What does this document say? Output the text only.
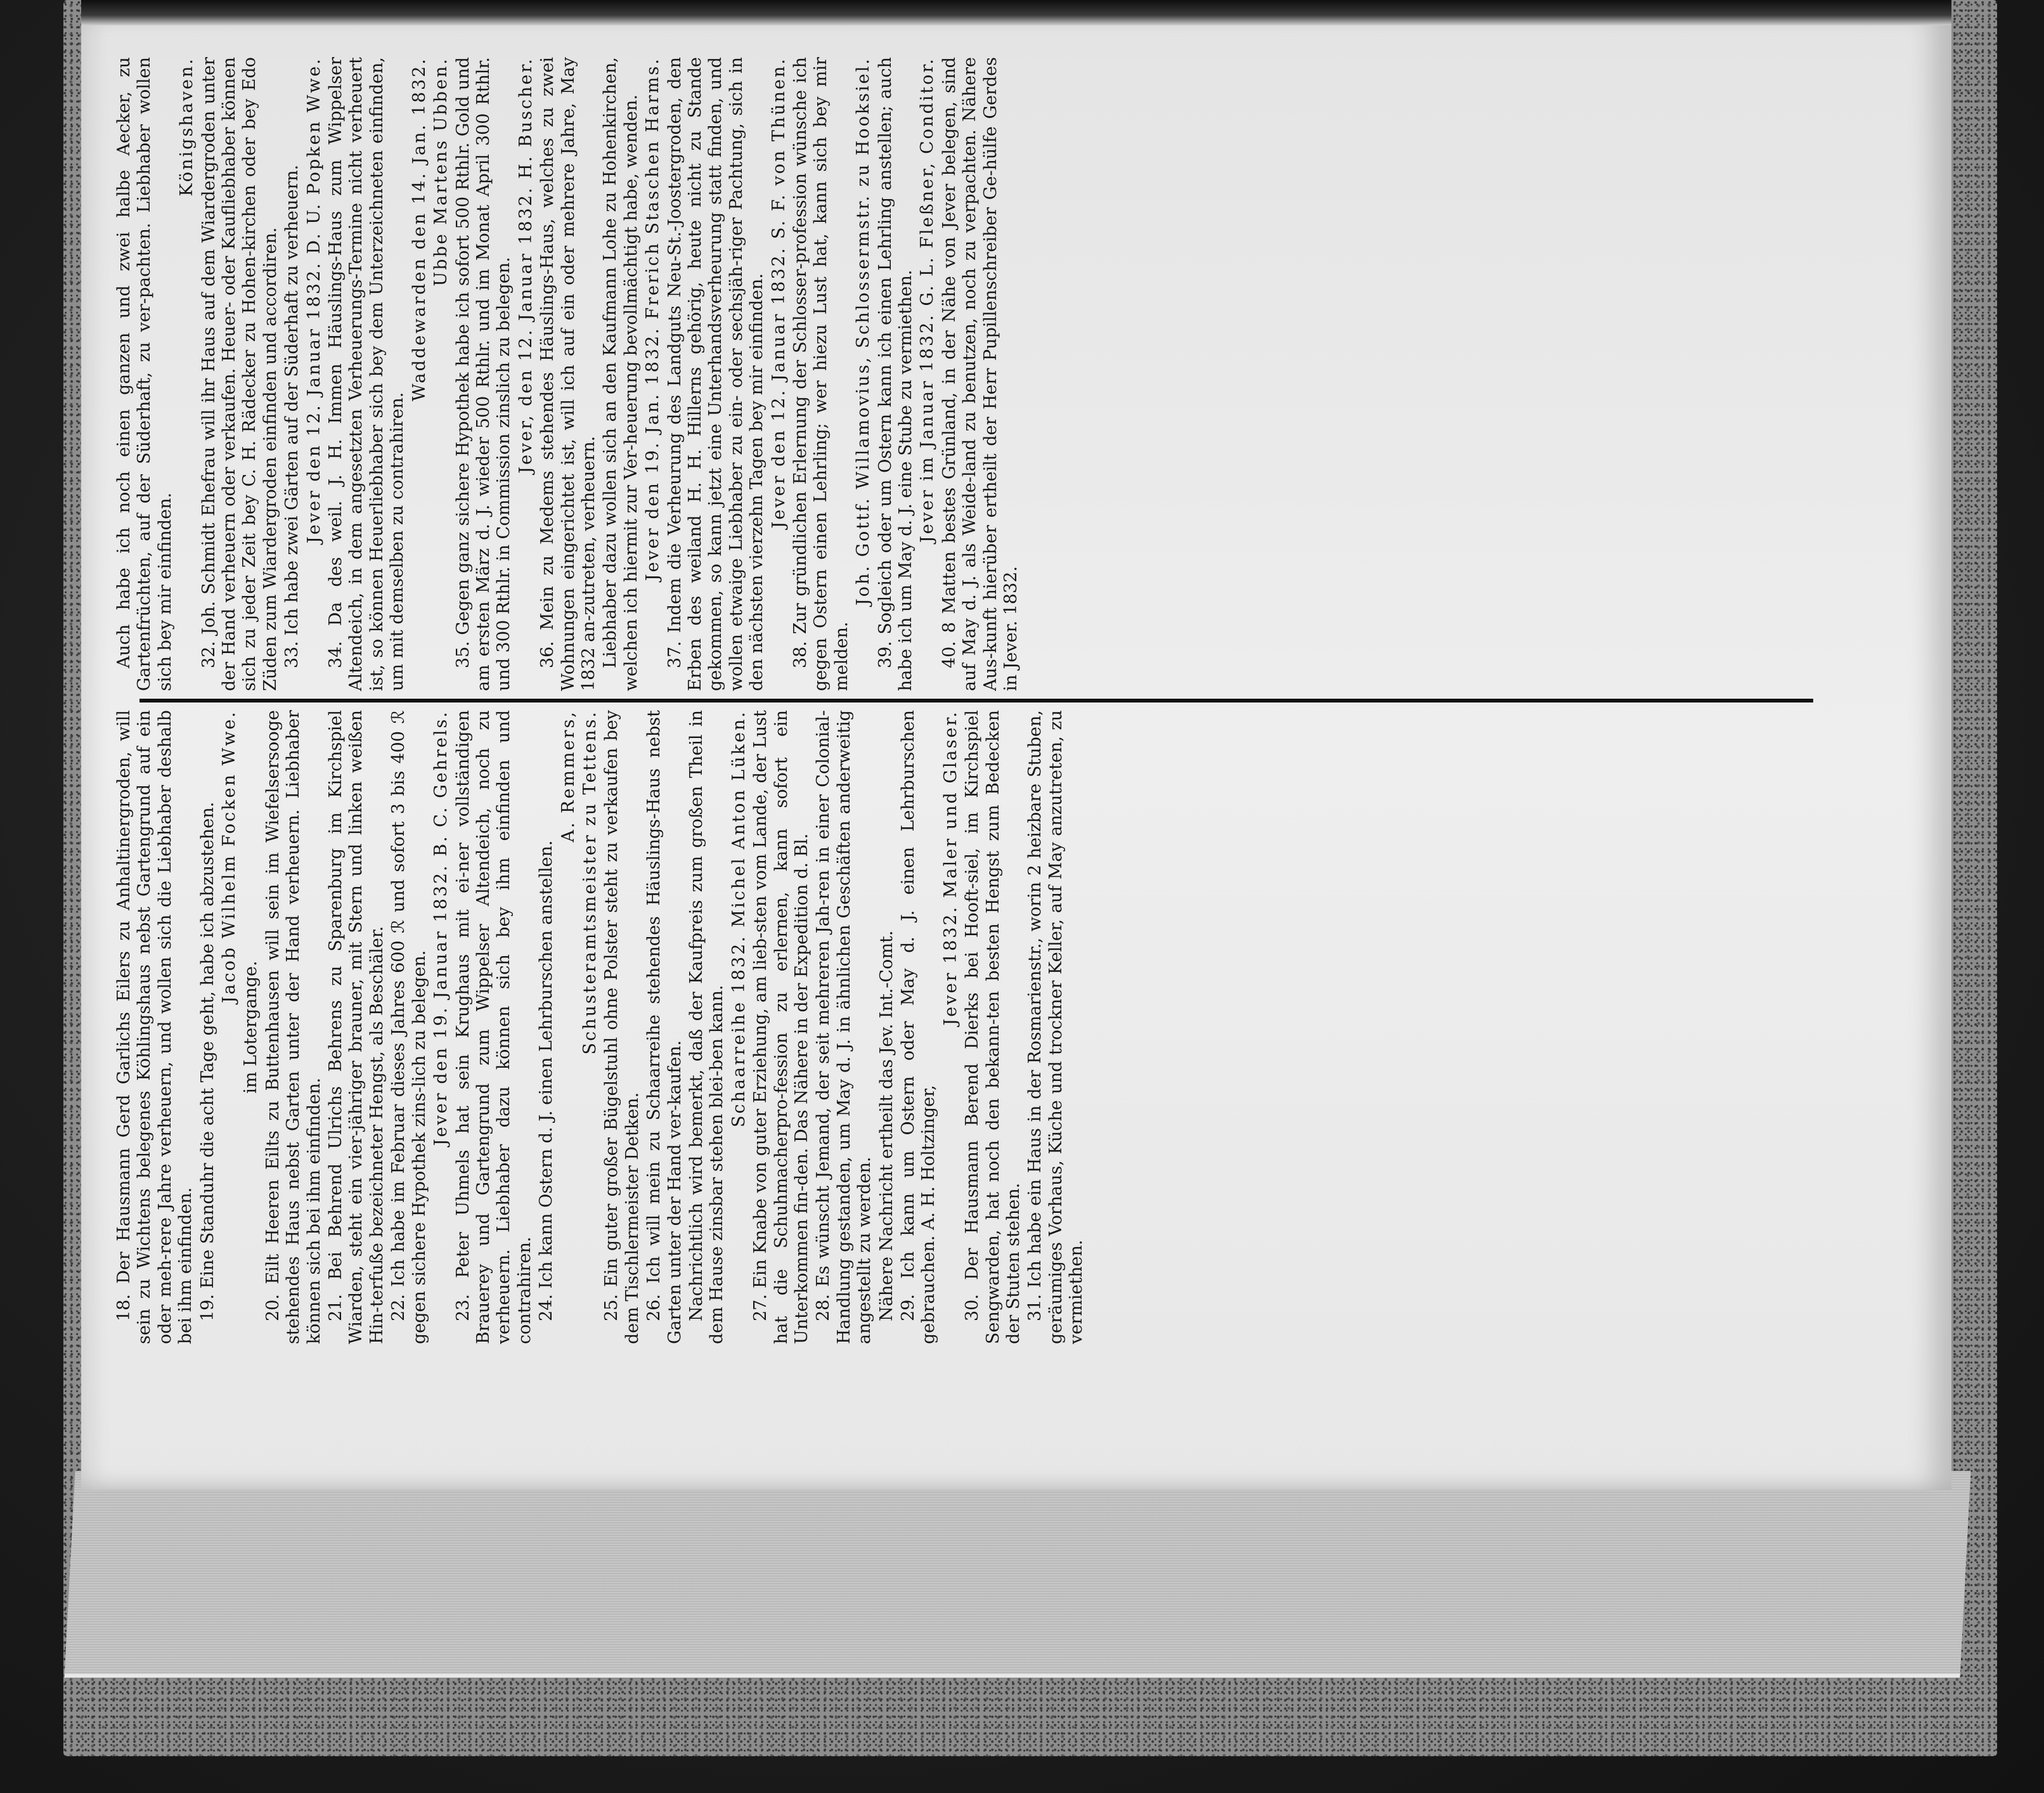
18. Der Hausmann Gerd Garlichs Eilers zu Anhaltinergroden, will sein zu Wichtens belegenes Köhlingshaus nebst Gartengrund auf ein oder meh-rere Jahre verheuern, und wollen sich die Liebhaber deshalb bei ihm einfinden. 19. Eine Standuhr die acht Tage geht, habe ich abzustehen. Jacob Wilhelm Focken Wwe.

im Lotergange. 20. Eilt Heeren Eilts zu Buttenhausen will sein im Wiefelsersooge stehendes Haus nebst Garten unter der Hand verheuern. Liebhaber können sich bei ihm einfinden. 21. Bei Behrend Ulrichs Behrens zu Sparenburg im Kirchspiel Wiarden, steht ein vier-jähriger brauner, mit Stern und linken weißen Hin-terfuße bezeichneter Hengst, als Beschäler. 22. Ich habe im Februar dieses Jahres 600 ℛ und sofort 3 bis 400 ℛ gegen sichere Hypothek zins-lich zu belegen.

Jever den 19. Januar 1832. B. C. Gehrels. 23. Peter Uhmels hat sein Krughaus mit ei-ner vollständigen Brauerey und Gartengrund zum Wippelser Altendeich, noch zu verheuern. Liebhaber dazu können sich bey ihm einfinden und contrahiren. 24. Ich kann Ostern d. J. einen Lehrburschen anstellen.

A. Remmers, Schusteramtsmeister zu Tettens. 25. Ein guter großer Bügelstuhl ohne Polster steht zu verkaufen bey dem Tischlermeister Detken. 26. Ich will mein zu Schaarreihe stehendes Häuslings-Haus nebst Garten unter der Hand ver-kaufen. Nachrichtlich wird bemerkt, daß der Kaufpreis zum großen Theil in dem Hause zinsbar stehen blei-ben kann.

Schaarreihe 1832. Michel Anton Lüken. 27. Ein Knabe von guter Erziehung, am lieb-sten vom Lande, der Lust hat die Schuhmacherpro-fession zu erlernen, kann sofort ein Unterkommen fin-den. Das Nähere in der Expedition d. Bl. 28. Es wünscht Jemand, der seit mehreren Jah-ren in einer Colonial-Handlung gestanden, um May d. J. in ähnlichen Geschäften anderweitig angestellt zu werden. Nähere Nachricht ertheilt das Jev. Int.-Comt. 29. Ich kann um Ostern oder May d. J. einen Lehrburschen gebrauchen. A. H. Holtzinger,

Jever 1832. Maler und Glaser. 30. Der Hausmann Berend Dierks bei Hooft-siel, im Kirchspiel Sengwarden, hat noch den bekann-ten besten Hengst zum Bedecken der Stuten stehen. 31. Ich habe ein Haus in der Rosmarienstr., worin 2 heizbare Stuben, geräumiges Vorhaus, Küche und trockner Keller, auf May anzutreten, zu vermiethen.

Auch habe ich noch einen ganzen und zwei halbe Aecker, zu Gartenfrüchten, auf der Süderhaft, zu ver-pachten. Liebhaber wollen sich bey mir einfinden.

Königshaven. 32. Joh. Schmidt Ehefrau will ihr Haus auf dem Wiardergroden unter der Hand verheuern oder verkaufen. Heuer- oder Kaufliebhaber können sich zu jeder Zeit bey C. H. Rädecker zu Hohen-kirchen oder bey Edo Züden zum Wiardergroden einfinden und accordiren. 33. Ich habe zwei Gärten auf der Süderhaft zu verheuern. Jever den 12. Januar 1832. D. U. Popken Wwe. 34. Da des weil. J. H. Immen Häuslings-Haus zum Wippelser Altendeich, in dem angesetzten Verheuerungs-Termine nicht verheuert ist, so können Heuerliebhaber sich bey dem Unterzeichneten einfinden, um mit demselben zu contrahiren.

Waddewarden den 14. Jan. 1832. Ubbe Martens Ubben. 35. Gegen ganz sichere Hypothek habe ich sofort 500 Rthlr. Gold und am ersten März d. J. wieder 500 Rthlr. und im Monat April 300 Rthlr. und 300 Rthlr. in Commission zinslich zu belegen. Jever, den 12. Januar 1832. H. Buscher. 36. Mein zu Medems stehendes Häuslings-Haus, welches zu zwei Wohnungen eingerichtet ist, will ich auf ein oder mehrere Jahre, May 1832 an-zutreten, verheuern. Liebhaber dazu wollen sich an den Kaufmann Lohe zu Hohenkirchen, welchen ich hiermit zur Ver-heuerung bevollmächtigt habe, wenden. Jever den 19. Jan. 1832. Frerich Staschen Harms. 37. Indem die Verheurung des Landguts Neu-St.-Joostergroden, den Erben des weiland H. H. Hillerns gehörig, heute nicht zu Stande gekommen, so kann jetzt eine Unterhandsverheurung statt finden, und wollen etwaige Liebhaber zu ein- oder sechsjäh-riger Pachtung, sich in den nächsten vierzehn Tagen bey mir einfinden. Jever den 12. Januar 1832. S. F. von Thünen. 38. Zur gründlichen Erlernung der Schlosser-profession wünsche ich gegen Ostern einen Lehrling; wer hiezu Lust hat, kann sich bey mir melden.

Joh. Gottf. Willamovius, Schlossermstr. zu Hooksiel. 39. Sogleich oder um Ostern kann ich einen Lehrling anstellen; auch habe ich um May d. J. eine Stube zu vermiethen. Jever im Januar 1832. G. L. Fleßner, Conditor. 40. 8 Matten bestes Grünland, in der Nähe von Jever belegen, sind auf May d. J. als Weide-land zu benutzen, noch zu verpachten. Nähere Aus-kunft hierüber ertheilt der Herr Pupillenschreiber Ge-hülfe Gerdes in Jever. 1832.
